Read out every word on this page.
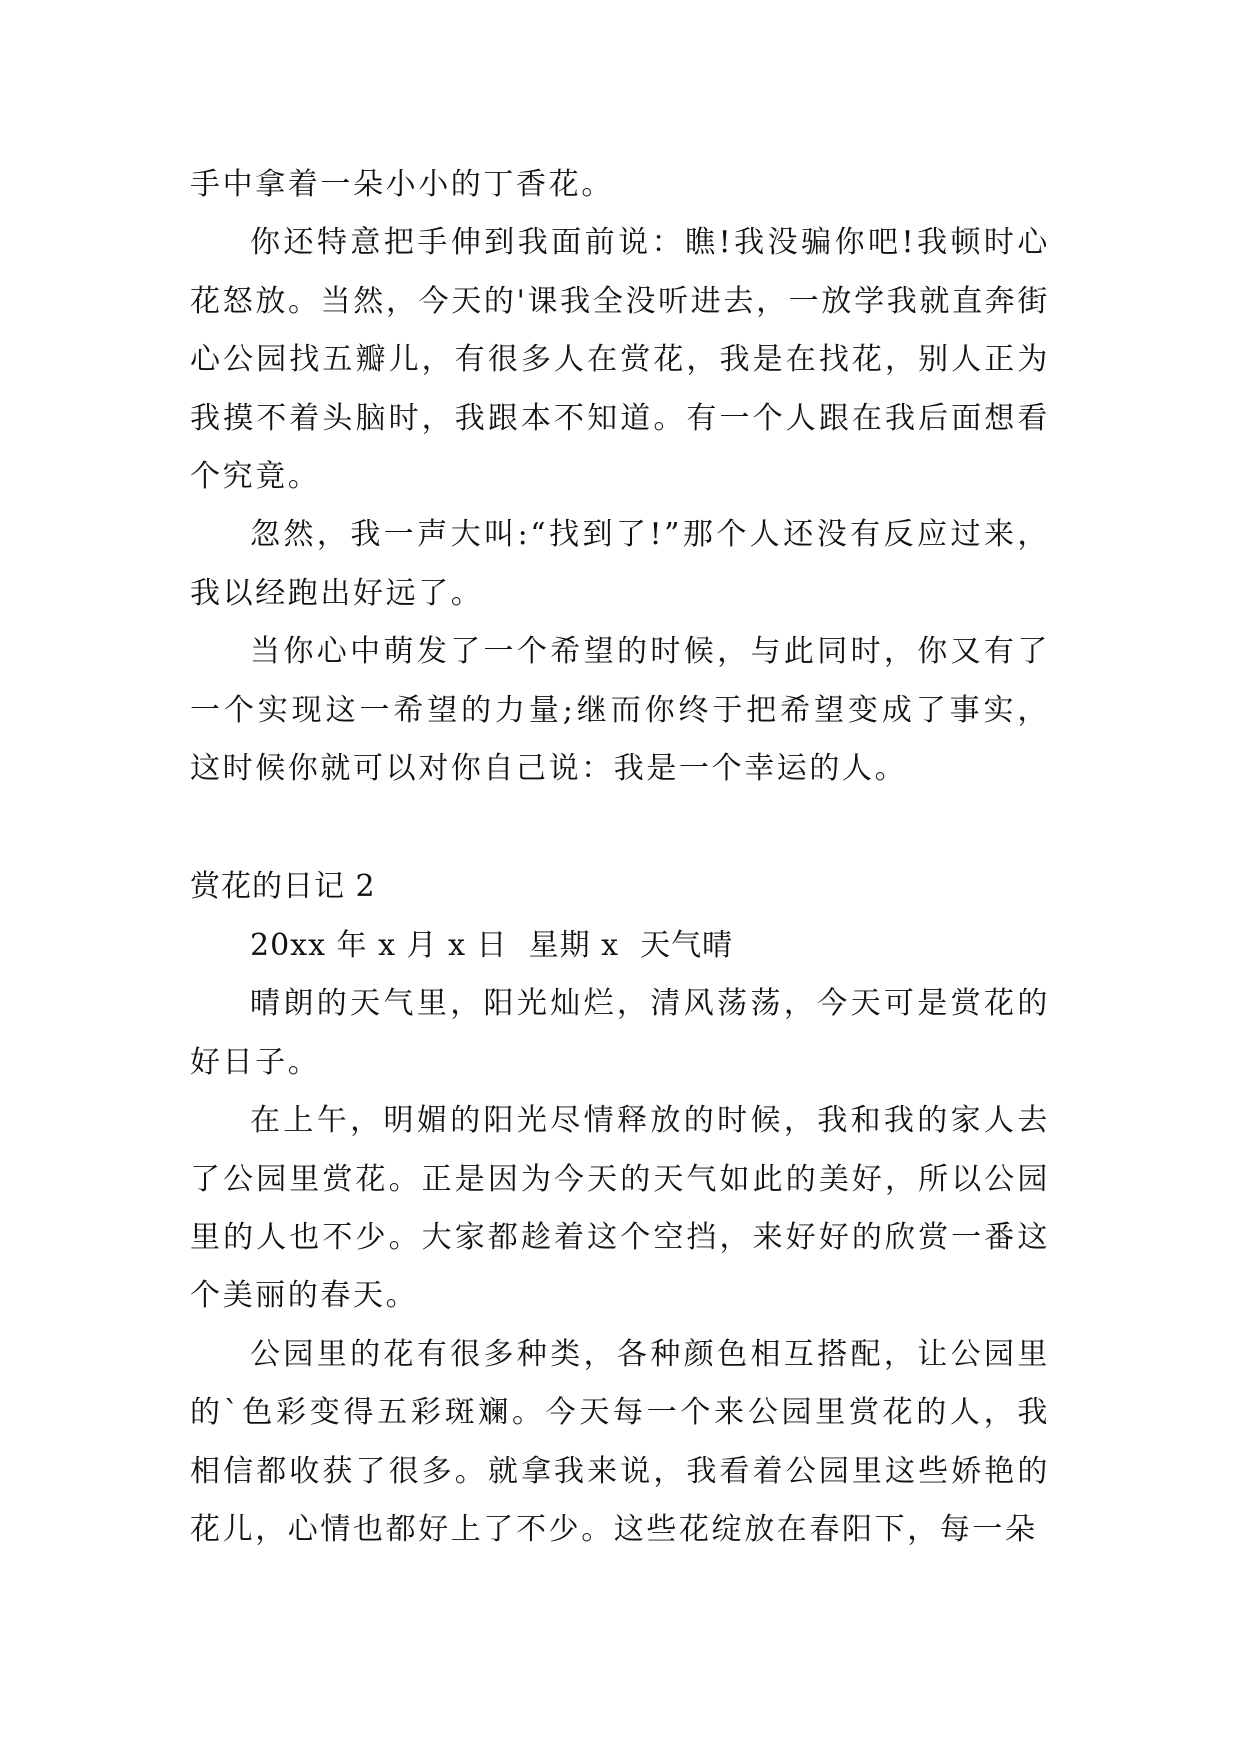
手中拿着一朵小小的丁香花。

你还特意把手伸到我面前说：瞧!我没骗你吧!我顿时心花怒放。当然，今天的'课我全没听进去，一放学我就直奔街心公园找五瓣儿，有很多人在赏花，我是在找花，别人正为我摸不着头脑时，我跟本不知道。有一个人跟在我后面想看个究竟。

忽然，我一声大叫:“找到了!”那个人还没有反应过来，我以经跑出好远了。

当你心中萌发了一个希望的时候，与此同时，你又有了一个实现这一希望的力量;继而你终于把希望变成了事实，这时候你就可以对你自己说：我是一个幸运的人。

赏花的日记 2

20xx 年 x 月 x 日  星期 x  天气晴

晴朗的天气里，阳光灿烂，清风荡荡，今天可是赏花的好日子。

在上午，明媚的阳光尽情释放的时候，我和我的家人去了公园里赏花。正是因为今天的天气如此的美好，所以公园里的人也不少。大家都趁着这个空挡，来好好的欣赏一番这个美丽的春天。

公园里的花有很多种类，各种颜色相互搭配，让公园里的`色彩变得五彩斑斓。今天每一个来公园里赏花的人，我相信都收获了很多。就拿我来说，我看着公园里这些娇艳的花儿，心情也都好上了不少。这些花绽放在春阳下，每一朵
